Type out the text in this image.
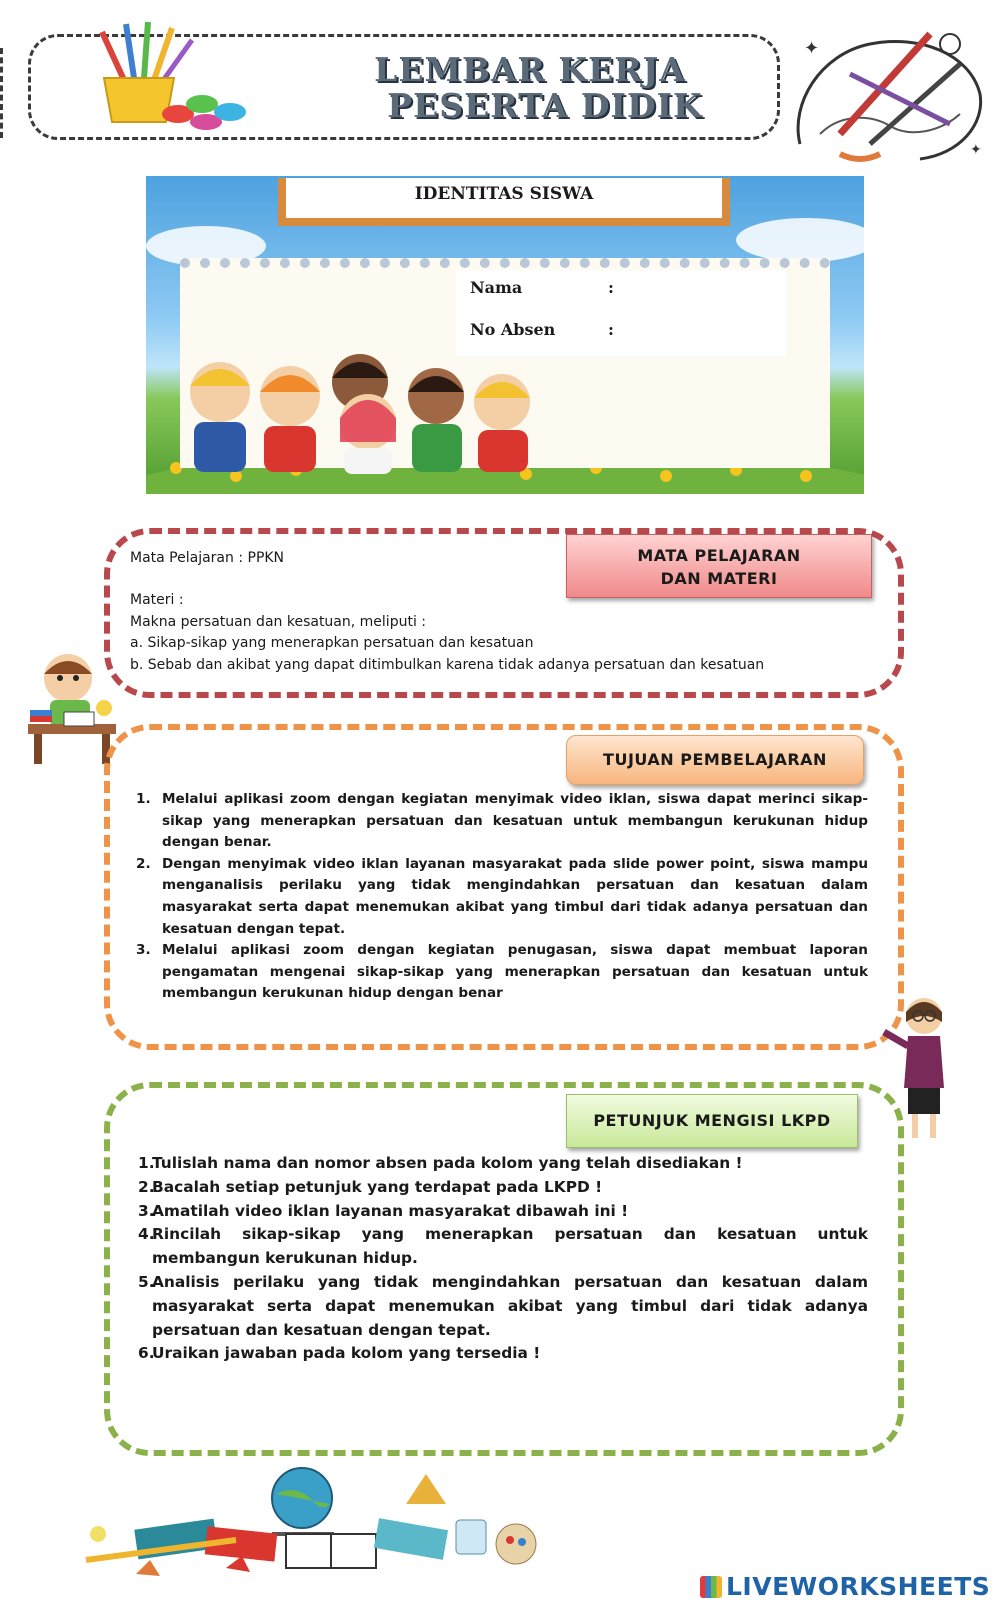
LEMBAR KERJA
PESERTA DIDIK
✦
✦
IDENTITAS SISWA
Nama	:
No Absen	:
MATA PELAJARAN
DAN MATERI
Mata Pelajaran : PPKN
Materi :
Makna persatuan dan kesatuan, meliputi :
a. Sikap-sikap yang menerapkan persatuan dan kesatuan
b. Sebab dan akibat yang dapat ditimbulkan karena tidak adanya persatuan dan kesatuan
TUJUAN PEMBELAJARAN
1. Melalui aplikasi zoom dengan kegiatan menyimak video iklan, siswa dapat merinci sikap-sikap yang menerapkan persatuan dan kesatuan untuk membangun kerukunan hidup dengan benar.
2. Dengan menyimak video iklan layanan masyarakat pada slide power point, siswa mampu menganalisis perilaku yang tidak mengindahkan persatuan dan kesatuan dalam masyarakat serta dapat menemukan akibat yang timbul dari tidak adanya persatuan dan kesatuan dengan tepat.
3. Melalui aplikasi zoom dengan kegiatan penugasan, siswa dapat membuat laporan pengamatan mengenai sikap-sikap yang menerapkan persatuan dan kesatuan untuk membangun kerukunan hidup dengan benar
PETUNJUK MENGISI LKPD
1.
Tulislah nama dan nomor absen pada kolom yang telah disediakan !
2.
Bacalah setiap petunjuk yang terdapat pada LKPD !
3.
Amatilah video iklan layanan masyarakat dibawah ini !
4.
Rincilah sikap-sikap yang menerapkan persatuan dan kesatuan untuk membangun kerukunan hidup.
5.
Analisis perilaku yang tidak mengindahkan persatuan dan kesatuan dalam masyarakat serta dapat menemukan akibat yang timbul dari tidak adanya persatuan dan kesatuan dengan tepat.
6.
Uraikan jawaban pada kolom yang tersedia !
LIVEWORKSHEETS
